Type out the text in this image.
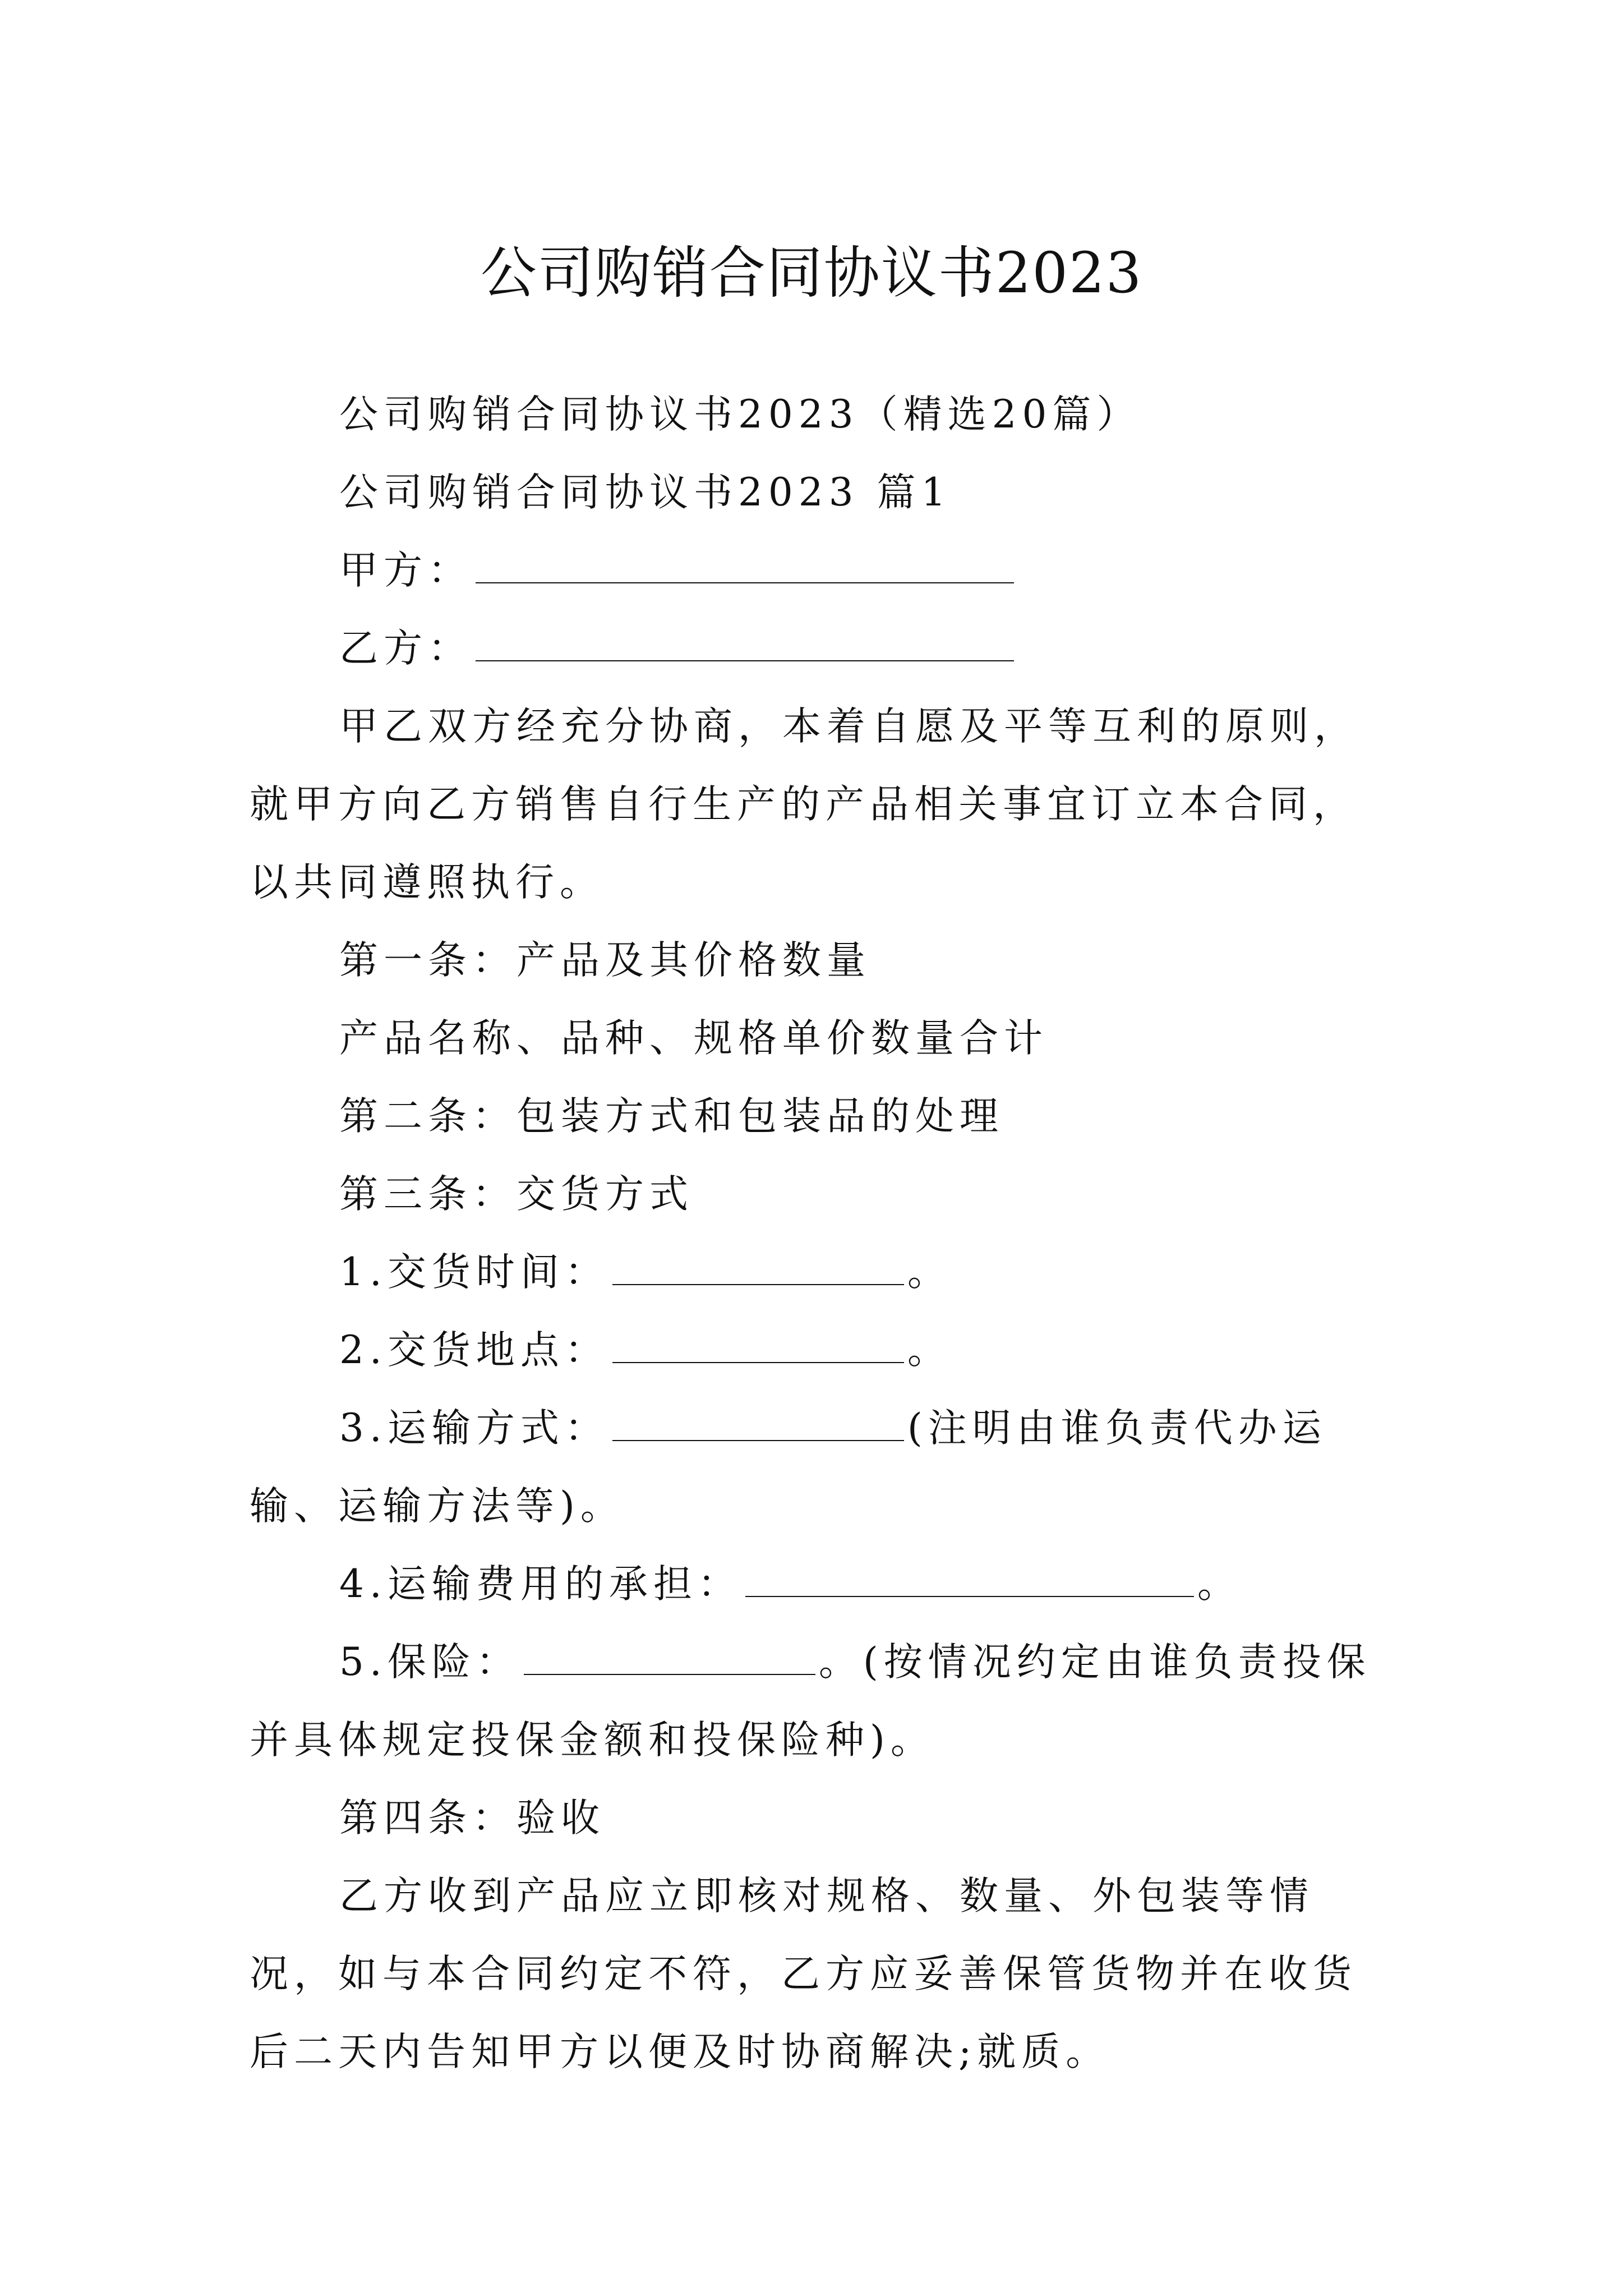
公司购销合同协议书2023

公司购销合同协议书2023（精选20篇）

公司购销合同协议书2023 篇1

甲方：

乙方：

甲乙双方经充分协商，本着自愿及平等互利的原则，就甲方向乙方销售自行生产的产品相关事宜订立本合同，以共同遵照执行。

第一条：产品及其价格数量

产品名称、品种、规格单价数量合计

第二条：包装方式和包装品的处理

第三条：交货方式

1.交货时间：	。

2.交货地点：	。

3.运输方式：	(注明由谁负责代办运输、运输方法等)。

4.运输费用的承担：	。

5.保险：	。(按情况约定由谁负责投保并具体规定投保金额和投保险种)。

第四条：验收

乙方收到产品应立即核对规格、数量、外包装等情况，如与本合同约定不符，乙方应妥善保管货物并在收货后二天内告知甲方以便及时协商解决;就质。
